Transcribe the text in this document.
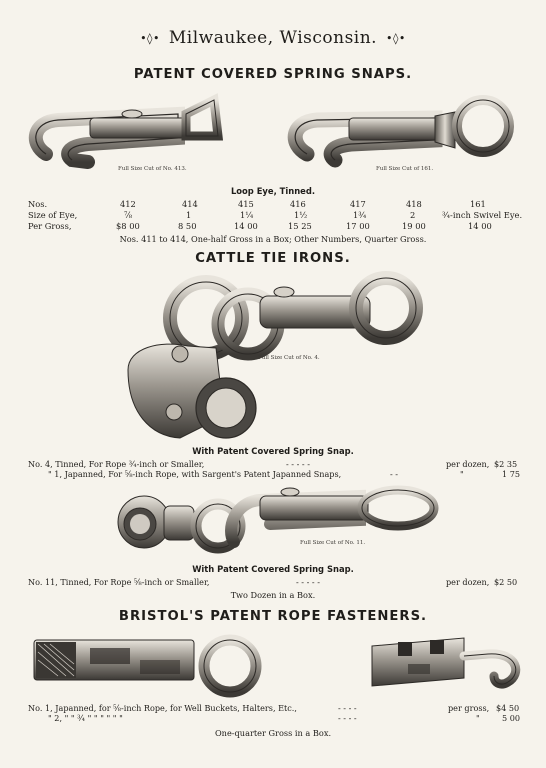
•◊• Milwaukee, Wisconsin. •◊•
PATENT COVERED SPRING SNAPS.
Full Size Cut of No. 413.	Full Size Cut of 161.
Loop Eye, Tinned.
Nos.	412	414	415	416	417	418	161
Size of Eye,	⅞	1	1¼	1½	1¾	2	¾-inch Swivel Eye.
Per Gross,	$8 00	8 50	14 00	15 25	17 00	19 00	14 00
Nos. 411 to 414, One-half Gross in a Box; Other Numbers, Quarter Gross.
CATTLE TIE IRONS.
Full Size Cut of No. 4.
With Patent Covered Spring Snap.
No. 4, Tinned, For Rope ¾-inch or Smaller,	- - - - -	per dozen, $2 35
" 1, Japanned, For ⅝-inch Rope, with Sargent's Patent Japanned Snaps,	- -	"	1 75
Full Size Cut of No. 11.
With Patent Covered Spring Snap.
No. 11, Tinned, For Rope ⅝-inch or Smaller,	- - - - -	per dozen, $2 50
Two Dozen in a Box.
BRISTOL'S PATENT ROPE FASTENERS.
No. 1, Japanned, for ⅝-inch Rope, for Well Buckets, Halters, Etc.,	- - - -	per gross, $4 50
" 2, " " ¾ " " " " " "	- - - -	"	5 00
One-quarter Gross in a Box.
